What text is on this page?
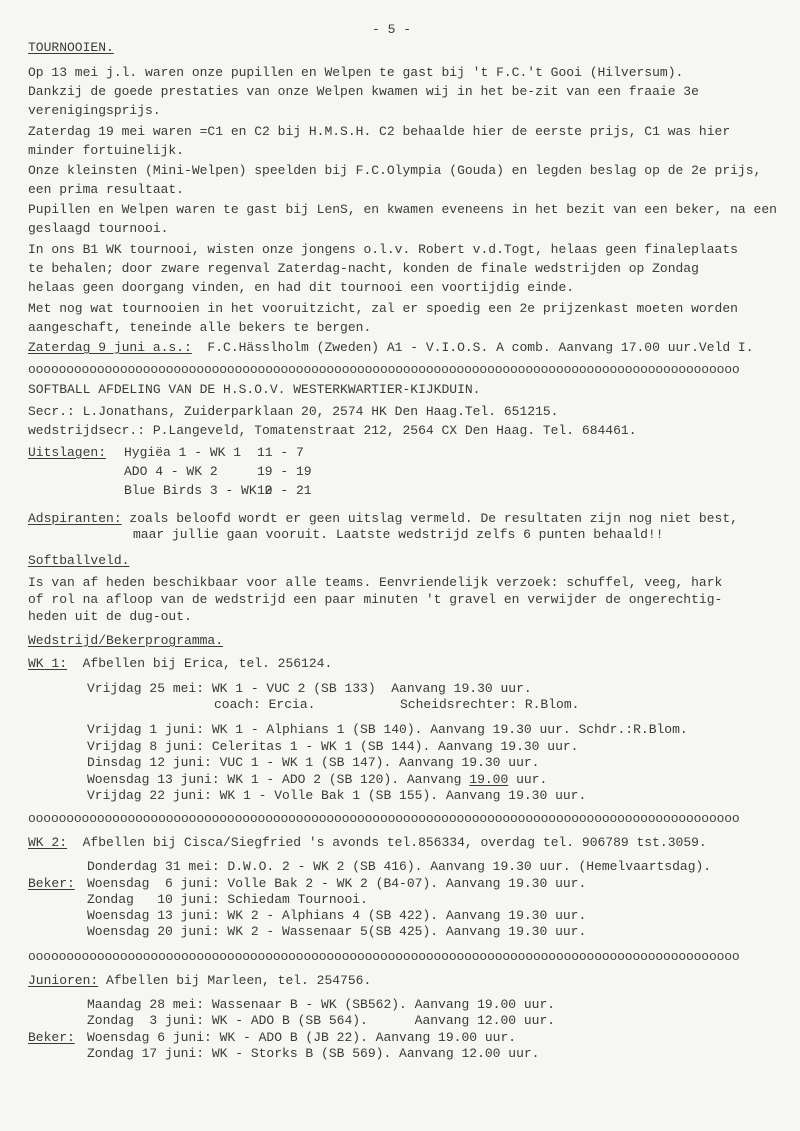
- 5 -
TOURNOOIEN.
Op 13 mei j.l. waren onze pupillen en Welpen te gast bij 't F.C.'t Gooi (Hilversum).
Dankzij de goede prestaties van onze Welpen kwamen wij in het be-zit van een fraaie 3e
verenigingsprijs.
Zaterdag 19 mei waren =C1 en C2 bij H.M.S.H. C2 behaalde hier de eerste prijs, C1 was hier
minder fortuinelijk.
Onze kleinsten (Mini-Welpen) speelden bij F.C.Olympia (Gouda) en legden beslag op de 2e prijs,
een prima resultaat.
Pupillen en Welpen waren te gast bij LenS, en kwamen eveneens in het bezit van een beker, na een
geslaagd tournooi.
In ons B1 WK tournooi, wisten onze jongens o.l.v. Robert v.d.Togt, helaas geen finaleplaats
te behalen; door zware regenval Zaterdag-nacht, konden de finale wedstrijden op Zondag
helaas geen doorgang vinden, en had dit tournooi een voortijdig einde.
Met nog wat tournooien in het vooruitzicht, zal er spoedig een 2e prijzenkast moeten worden
aangeschaft, teneinde alle bekers te bergen.
Zaterdag 9 juni a.s.:  F.C.Hässlholm (Zweden) A1 - V.I.O.S. A comb. Aanvang 17.00 uur.Veld I.
ooooooooooooooooooooooooooooooooooooooooooooooooooooooooooooooooooooooooooooooooooooooooooooo
SOFTBALL AFDELING VAN DE H.S.O.V. WESTERKWARTIER-KIJKDUIN.
Secr.: L.Jonathans, Zuiderparklaan 20, 2574 HK Den Haag.Tel. 651215.
wedstrijdsecr.: P.Langeveld, Tomatenstraat 212, 2564 CX Den Haag. Tel. 684461.
Uitslagen: Hygiëa 1 - WK 1 11 - 7
ADO 4 - WK 2	19 - 19
Blue Birds 3 - WK 2
10 - 21
Adspiranten: zoals beloofd wordt er geen uitslag vermeld. De resultaten zijn nog niet best,
maar jullie gaan vooruit. Laatste wedstrijd zelfs 6 punten behaald!!
Softballveld.
Is van af heden beschikbaar voor alle teams. Eenvriendelijk verzoek: schuffel, veeg, hark
of rol na afloop van de wedstrijd een paar minuten 't gravel en verwijder de ongerechtig-
heden uit de dug-out.
Wedstrijd/Bekerprogramma.
WK 1:  Afbellen bij Erica, tel. 256124.
Vrijdag 25 mei: WK 1 - VUC 2 (SB 133)  Aanvang 19.30 uur.
coach: Ercia.	Scheidsrechter: R.Blom.
Vrijdag 1 juni: WK 1 - Alphians 1 (SB 140). Aanvang 19.30 uur. Schdr.:R.Blom.
Vrijdag 8 juni: Celeritas 1 - WK 1 (SB 144). Aanvang 19.30 uur.
Dinsdag 12 juni: VUC 1 - WK 1 (SB 147). Aanvang 19.30 uur.
Woensdag 13 juni: WK 1 - ADO 2 (SB 120). Aanvang 19.00 uur.
Vrijdag 22 juni: WK 1 - Volle Bak 1 (SB 155). Aanvang 19.30 uur.
ooooooooooooooooooooooooooooooooooooooooooooooooooooooooooooooooooooooooooooooooooooooooooooo
WK 2:  Afbellen bij Cisca/Siegfried 's avonds tel.856334, overdag tel. 906789 tst.3059.
Donderdag 31 mei: D.W.O. 2 - WK 2 (SB 416). Aanvang 19.30 uur. (Hemelvaartsdag).
Beker: Woensdag  6 juni: Volle Bak 2 - WK 2 (B4-07). Aanvang 19.30 uur.
Zondag   10 juni: Schiedam Tournooi.
Woensdag 13 juni: WK 2 - Alphians 4 (SB 422). Aanvang 19.30 uur.
Woensdag 20 juni: WK 2 - Wassenaar 5(SB 425). Aanvang 19.30 uur.
ooooooooooooooooooooooooooooooooooooooooooooooooooooooooooooooooooooooooooooooooooooooooooooo
Junioren: Afbellen bij Marleen, tel. 254756.
Maandag 28 mei: Wassenaar B - WK (SB562). Aanvang 19.00 uur.
Zondag  3 juni: WK - ADO B (SB 564).      Aanvang 12.00 uur.
Beker: Woensdag 6 juni: WK - ADO B (JB 22). Aanvang 19.00 uur.
Zondag 17 juni: WK - Storks B (SB 569). Aanvang 12.00 uur.
